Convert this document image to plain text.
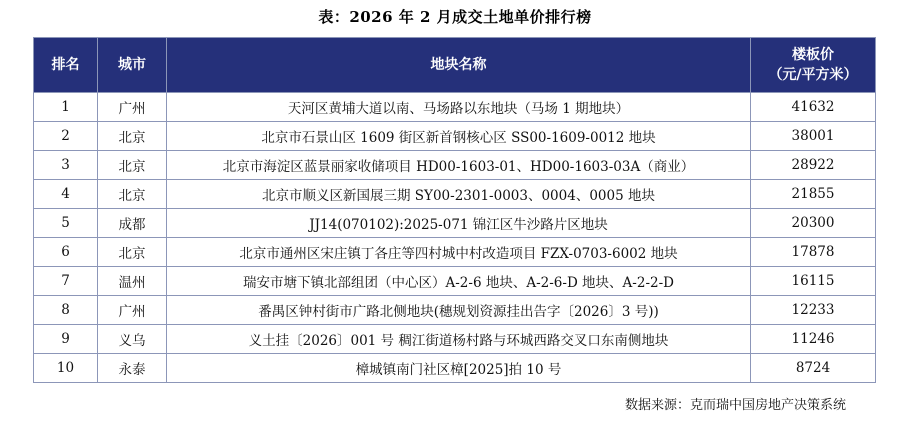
表：2026 年 2 月成交土地单价排行榜
排名	城市	地块名称	楼板价
（元/平方米）

1	广州	天河区黄埔大道以南、马场路以东地块（马场 1 期地块）	41632
2	北京	北京市石景山区 1609 街区新首钢核心区 SS00-1609-0012 地块	38001
3	北京	北京市海淀区蓝景丽家收储项目 HD00-1603-01、HD00-1603-03A（商业）	28922
4	北京	北京市顺义区新国展三期 SY00-2301-0003、0004、0005 地块	21855
5	成都	JJ14(070102):2025-071 锦江区牛沙路片区地块	20300
6	北京	北京市通州区宋庄镇丁各庄等四村城中村改造项目 FZX-0703-6002 地块	17878
7	温州	瑞安市塘下镇北部组团（中心区）A-2-6 地块、A-2-6-D 地块、A-2-2-D	16115
8	广州	番禺区钟村街市广路北侧地块(穗规划资源挂出告字〔2026〕3 号))	12233
9	义乌	义土挂〔2026〕001 号 稠江街道杨村路与环城西路交叉口东南侧地块	11246
10	永泰	樟城镇南门社区樟[2025]拍 10 号	8724
数据来源：克而瑞中国房地产决策系统
